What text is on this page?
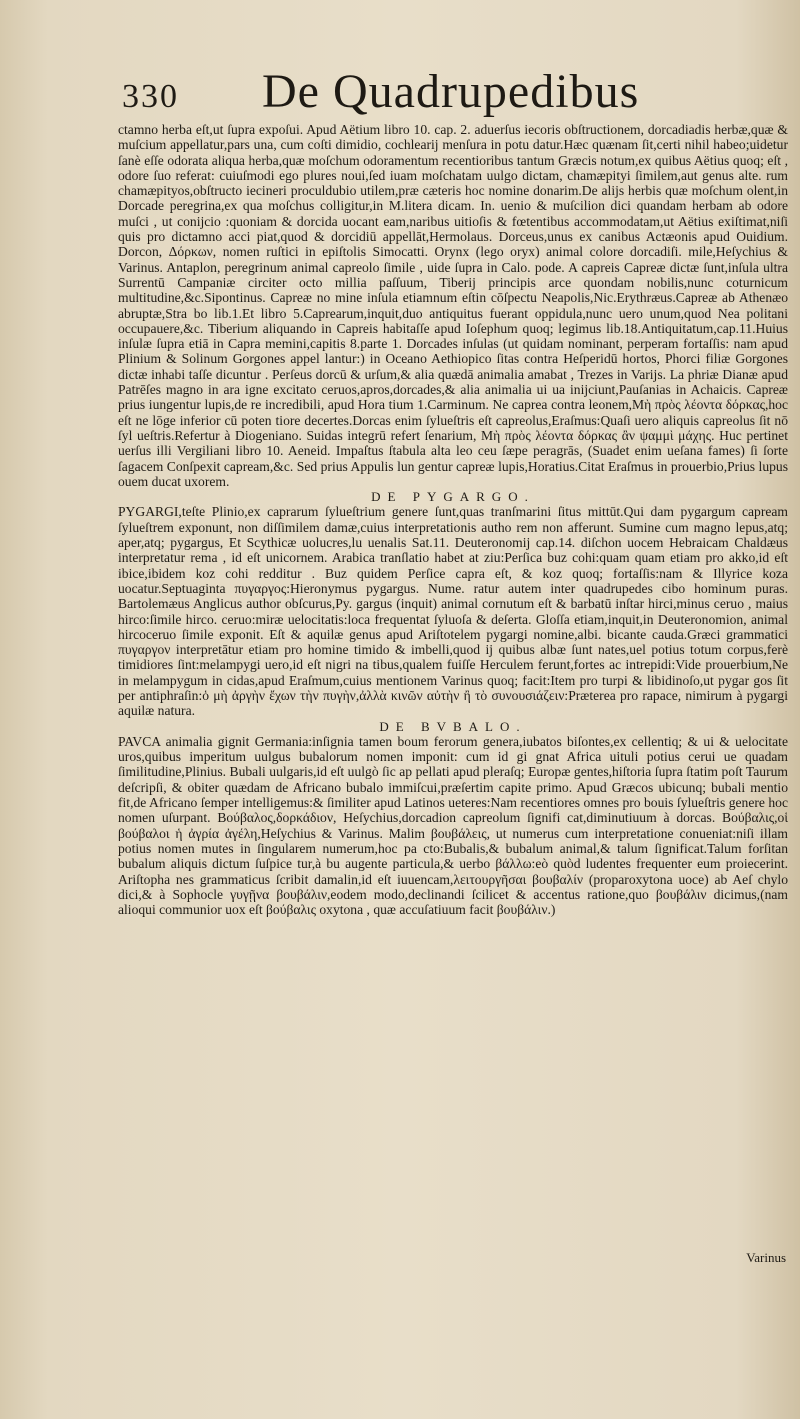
330 De Quadrupedibus

ctamno herba eſt,ut ſupra expoſui. Apud Aëtium libro 10. cap. 2. aduerſus iecoris obſtructionem, dorcadiadis herbæ,quæ & muſcium appellatur,pars una, cum coſti dimidio, cochlearij menſura in potu datur.Hæc quænam ſit,certi nihil habeo;uidetur ſanè eſſe odorata aliqua herba,quæ moſchum odoramentum recentioribus tantum Græcis notum,ex quibus Aëtius quoq; eſt , odore ſuo referat: cuiuſmodi ego plures noui,ſed iuam moſchatam uulgo dictam, chamæpityi ſimilem,aut genus alte. rum chamæpityos,obſtructo iecineri proculdubio utilem,præ cæteris hoc nomine donarim.De alijs herbis quæ moſchum olent,in Dorcade peregrina,ex qua moſchus colligitur,in M.litera dicam. In. uenio & muſcilion dici quandam herbam ab odore muſci , ut conijcio :quoniam & dorcida uocant eam,naribus uitioſis & fœtentibus accommodatam,ut Aëtius exiſtimat,niſi quis pro dictamno acci piat,quod & dorcidiū appellāt,Hermolaus. Dorceus,unus ex canibus Actæonis apud Ouidium. Dorcon, Δόρκων, nomen ruſtici in epiſtolis Simocatti. Orynx (lego oryx) animal colore dorcadiſi. mile,Heſychius & Varinus. Antaplon, peregrinum animal capreolo ſimile , uide ſupra in Calo. pode. A capreis Capreæ dictæ ſunt,inſula ultra Surrentū Campaniæ circiter octo millia paſſuum, Tiberij principis arce quondam nobilis,nunc coturnicum multitudine,&c.Sipontinus. Capreæ no mine inſula etiamnum eſtin cōſpectu Neapolis,Nic.Erythræus.Capreæ ab Athenæo abruptæ,Stra bo lib.1.Et libro 5.Caprearum,inquit,duo antiquitus fuerant oppidula,nunc uero unum,quod Nea politani occupauere,&c. Tiberium aliquando in Capreis habitaſſe apud Ioſephum quoq; legimus lib.18.Antiquitatum,cap.11.Huius inſulæ ſupra etiā in Capra memini,capitis 8.parte 1. Dorcades inſulas (ut quidam nominant, perperam fortaſſis: nam apud Plinium & Solinum Gorgones appel lantur:) in Oceano Aethiopico ſitas contra Heſperidū hortos, Phorci filiæ Gorgones dictæ inhabi taſſe dicuntur . Perſeus dorcū & urſum,& alia quædā animalia amabat , Trezes in Varijs. La phriæ Dianæ apud Patrēſes magno in ara igne excitato ceruos,apros,dorcades,& alia animalia ui ua inijciunt,Pauſanias in Achaicis. Capreæ prius iungentur lupis,de re incredibili, apud Hora tium 1.Carminum. Ne caprea contra leonem,Μὴ πρὸς λέοντα δόρκας,hoc eſt ne lōge inferior cū poten tiore decertes.Dorcas enim ſylueſtris eſt capreolus,Eraſmus:Quaſi uero aliquis capreolus ſit nō ſyl ueſtris.Refertur à Diogeniano. Suidas integrū refert ſenarium, Μὴ πρὸς λέοντα δόρκας ἂν ψαμμὶ μάχης. Huc pertinet uerſus illi Vergiliani libro 10. Aeneid. Impaſtus ſtabula alta leo ceu ſæpe peragrās, (Suadet enim ueſana fames) ſi ſorte ſagacem Conſpexit capream,&c. Sed prius Appulis lun gentur capreæ lupis,Horatius.Citat Eraſmus in prouerbio,Prius lupus ouem ducat uxorem.

DE PYGARGO.

PYGARGI,teſte Plinio,ex caprarum ſylueſtrium genere ſunt,quas tranſmarini ſitus mittūt.Qui dam pygargum capream ſylueſtrem exponunt, non diſſimilem damæ,cuius interpretationis autho rem non afferunt. Sumine cum magno lepus,atq; aper,atq; pygargus, Et Scythicæ uolucres,lu uenalis Sat.11. Deuteronomij cap.14. diſchon uocem Hebraicam Chaldæus interpretatur rema , id eſt unicornem. Arabica tranſlatio habet at ziu:Perſica buz cohi:quam quam etiam pro akko,id eſt ibice,ibidem koz cohi redditur . Buz quidem Perſice capra eſt, & koz quoq; fortaſſis:nam & Illyrice koza uocatur.Septuaginta πυγαργος:Hieronymus pygargus. Nume. ratur autem inter quadrupedes cibo hominum puras. Bartolemæus Anglicus author obſcurus,Py. gargus (inquit) animal cornutum eſt & barbatū inſtar hirci,minus ceruo , maius hirco:ſimile hirco. ceruo:miræ uelocitatis:loca frequentat ſyluoſa & deſerta. Gloſſa etiam,inquit,in Deuteronomion, animal hircoceruo ſimile exponit. Eſt & aquilæ genus apud Ariſtotelem pygargi nomine,albi. bicante cauda.Græci grammatici πυγαργον interpretātur etiam pro homine timido & imbelli,quod ij quibus albæ ſunt nates,uel potius totum corpus,ferè timidiores ſint:melampygi uero,id eſt nigri na tibus,qualem fuiſſe Herculem ferunt,fortes ac intrepidi:Vide prouerbium,Ne in melampygum in cidas,apud Eraſmum,cuius mentionem Varinus quoq; facit:Item pro turpi & libidinoſo,ut pygar gos ſit per antiphraſin:ὁ μὴ ἀργὴν ἔχων τὴν πυγὴν,ἀλλὰ κινῶν αὐτὴν ἢ τὸ συνουσιάζειν:Præterea pro rapace, nimirum à pygargi aquilæ natura.

DE BVBALO.

PAVCA animalia gignit Germania:inſignia tamen boum ferorum genera,iubatos biſontes,ex cellentiq; & ui & uelocitate uros,quibus imperitum uulgus bubalorum nomen imponit: cum id gi gnat Africa uituli potius cerui ue quadam ſimilitudine,Plinius. Bubali uulgaris,id eſt uulgò ſic ap pellati apud pleraſq; Europæ gentes,hiſtoria ſupra ſtatim poſt Taurum deſcripſi, & obiter quædam de Africano bubalo immiſcui,præſertim capite primo. Apud Græcos ubicunq; bubali mentio fit,de Africano ſemper intelligemus:& ſimiliter apud Latinos ueteres:Nam recentiores omnes pro bouis ſylueſtris genere hoc nomen uſurpant. Βούβαλος,δορκάδιον, Heſychius,dorcadion capreolum ſignifi cat,diminutiuum à dorcas. Βούβαλις,οἱ βούβαλοι ἡ ἀγρία ἀγέλη,Heſychius & Varinus. Malim βουβάλεις, ut numerus cum interpretatione conueniat:niſi illam potius nomen mutes in ſingularem numerum,hoc pa cto:Bubalis,& bubalum animal,& talum ſignificat.Talum forſitan bubalum aliquis dictum ſuſpice tur,à bu augente particula,& uerbo βάλλω:eò quòd ludentes frequenter eum proiecerint. Ariſtopha nes grammaticus ſcribit damalin,id eſt iuuencam,λειτουργῆσαι βουβαλίν (proparoxytona uoce) ab Aeſ chylo dici,& à Sophocle γυγῇνα βουβάλιν,eodem modo,declinandi ſcilicet & accentus ratione,quo βουβάλιν dicimus,(nam alioqui communior uox eſt βούβαλις oxytona , quæ accuſatiuum facit βουβάλιν.)

Varinus
